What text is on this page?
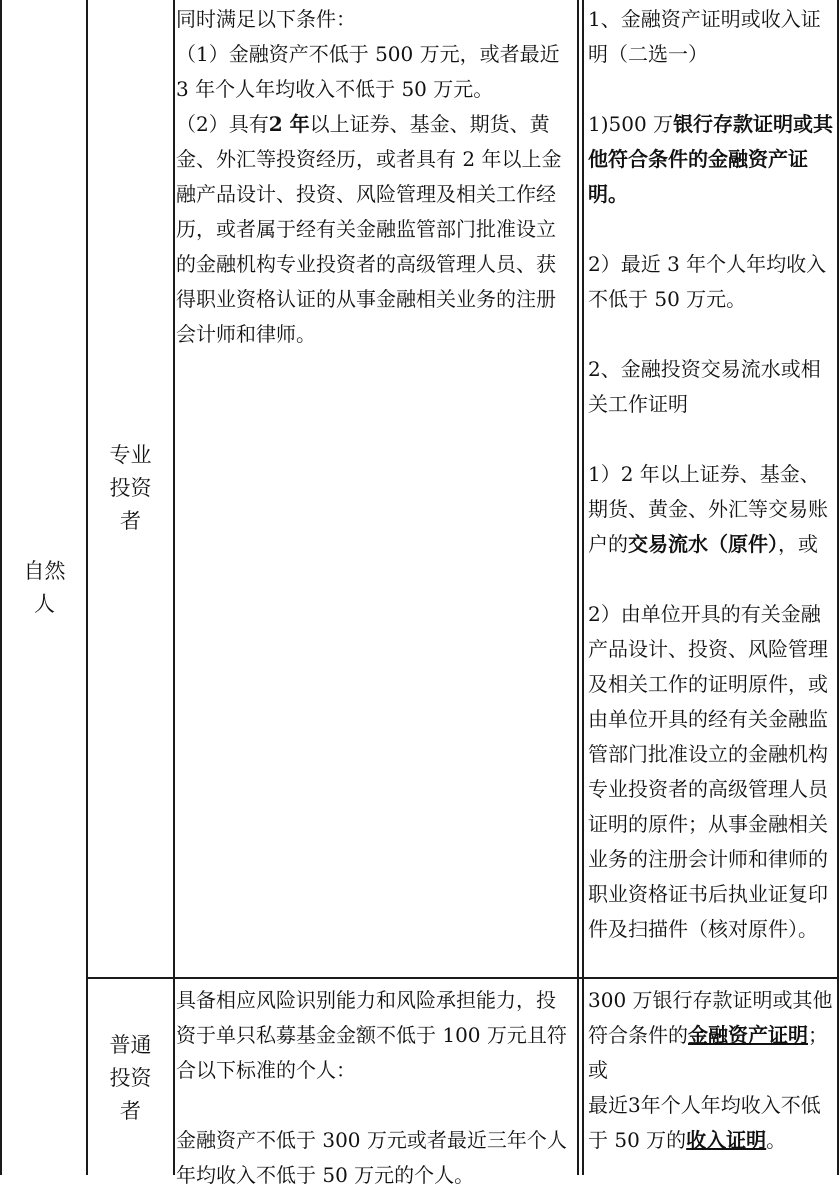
自然人
专业投资者

同时满足以下条件：

（1）金融资产不低于 500 万元，或者最近 3 年个人年均收入不低于 50 万元。

（2）具有2 年以上证券、基金、期货、黄金、外汇等投资经历，或者具有 2 年以上金融产品设计、投资、风险管理及相关工作经历，或者属于经有关金融监管部门批准设立的金融机构专业投资者的高级管理人员、获得职业资格认证的从事金融相关业务的注册会计师和律师。

1、金融资产证明或收入证明（二选一）

1)500 万银行存款证明或其他符合条件的金融资产证明。

2）最近 3 年个人年均收入不低于 50 万元。

2、金融投资交易流水或相关工作证明

1）2 年以上证券、基金、期货、黄金、外汇等交易账户的交易流水（原件），或

2）由单位开具的有关金融产品设计、投资、风险管理及相关工作的证明原件，或由单位开具的经有关金融监管部门批准设立的金融机构专业投资者的高级管理人员证明的原件；从事金融相关业务的注册会计师和律师的职业资格证书后执业证复印件及扫描件（核对原件）。

普通投资者

具备相应风险识别能力和风险承担能力，投资于单只私募基金金额不低于 100 万元且符合以下标准的个人：

金融资产不低于 300 万元或者最近三年个人年均收入不低于 50 万元的个人。

300 万银行存款证明或其他符合条件的金融资产证明；或

最近3年个人年均收入不低于 50 万的收入证明。
